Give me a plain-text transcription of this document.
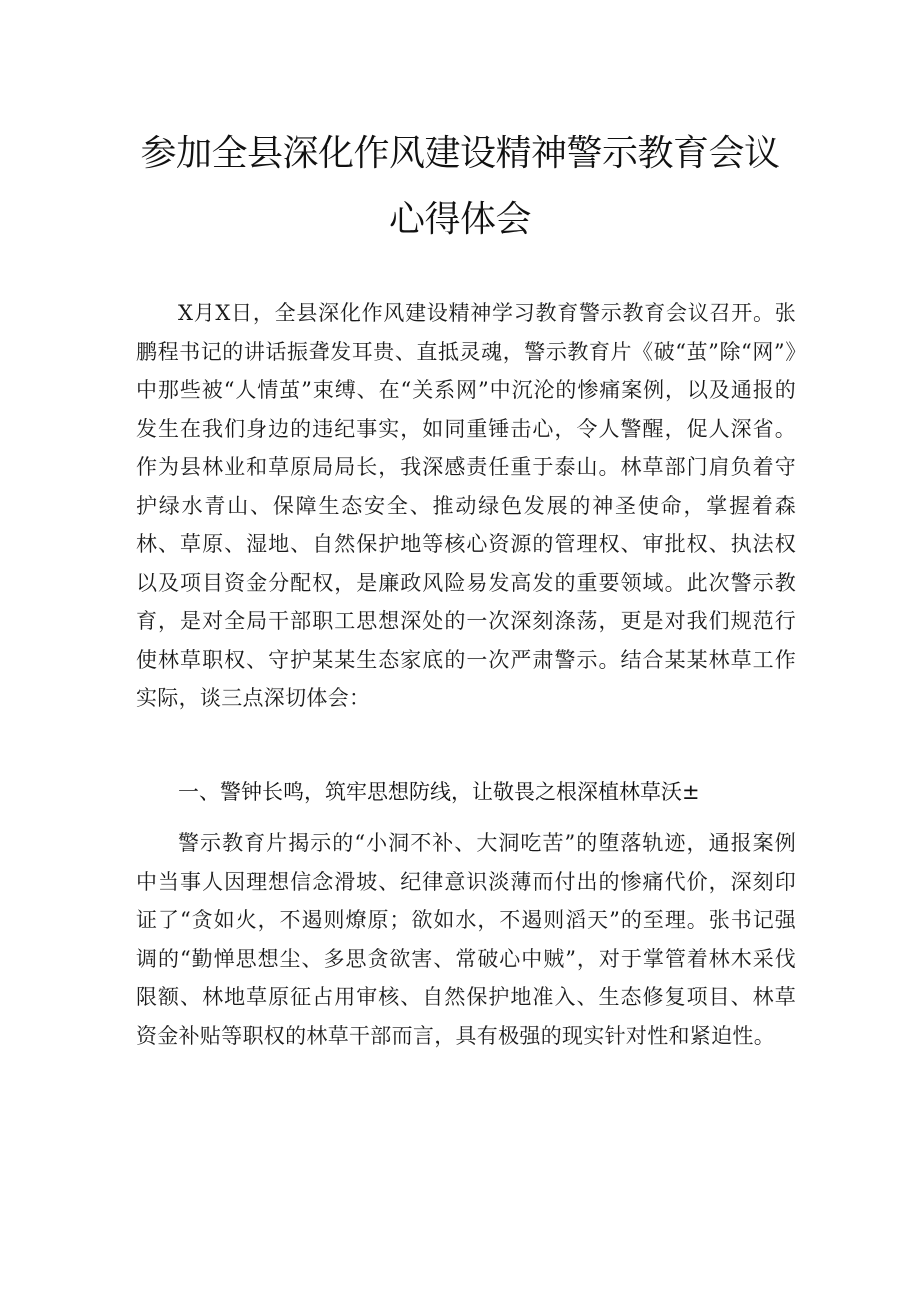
参加全县深化作风建设精神警示教育会议
心得体会

X月X日，全县深化作风建设精神学习教育警示教育会议召开。张鹏程书记的讲话振聋发耳贵、直抵灵魂，警示教育片《破“茧”除“网”》中那些被“人情茧”束缚、在“关系网”中沉沦的惨痛案例，以及通报的发生在我们身边的违纪事实，如同重锤击心，令人警醒，促人深省。作为县林业和草原局局长，我深感责任重于泰山。林草部门肩负着守护绿水青山、保障生态安全、推动绿色发展的神圣使命，掌握着森林、草原、湿地、自然保护地等核心资源的管理权、审批权、执法权以及项目资金分配权，是廉政风险易发高发的重要领域。此次警示教育，是对全局干部职工思想深处的一次深刻涤荡，更是对我们规范行使林草职权、守护某某生态家底的一次严肃警示。结合某某林草工作实际，谈三点深切体会：

一、警钟长鸣，筑牢思想防线，让敬畏之根深植林草沃±

警示教育片揭示的“小洞不补、大洞吃苦”的堕落轨迹，通报案例中当事人因理想信念滑坡、纪律意识淡薄而付出的惨痛代价，深刻印证了“贪如火，不遏则燎原；欲如水，不遏则滔天”的至理。张书记强调的“勤惮思想尘、多思贪欲害、常破心中贼”，对于掌管着林木采伐限额、林地草原征占用审核、自然保护地准入、生态修复项目、林草资金补贴等职权的林草干部而言，具有极强的现实针对性和紧迫性。
